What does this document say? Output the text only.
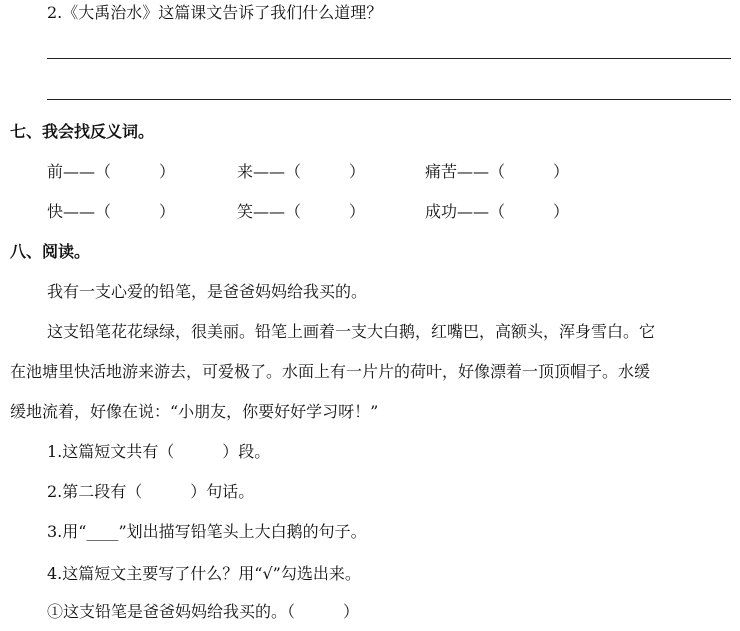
2.《大禹治水》这篇课文告诉了我们什么道理？
七、我会找反义词。
前——（　　　）	来——（　　　）	痛苦——（　　　）
快——（　　　）	笑——（　　　）	成功——（　　　）
八、阅读。
我有一支心爱的铅笔，是爸爸妈妈给我买的。
这支铅笔花花绿绿，很美丽。铅笔上画着一支大白鹅，红嘴巴，高额头，浑身雪白。它
在池塘里快活地游来游去，可爱极了。水面上有一片片的荷叶，好像漂着一顶顶帽子。水缓
缓地流着，好像在说：“小朋友，你要好好学习呀！”
1.这篇短文共有（　　　）段。
2.第二段有（　　　）句话。
3.用“____”划出描写铅笔头上大白鹅的句子。
4.这篇短文主要写了什么？用“√”勾选出来。
①这支铅笔是爸爸妈妈给我买的。（　　　）
